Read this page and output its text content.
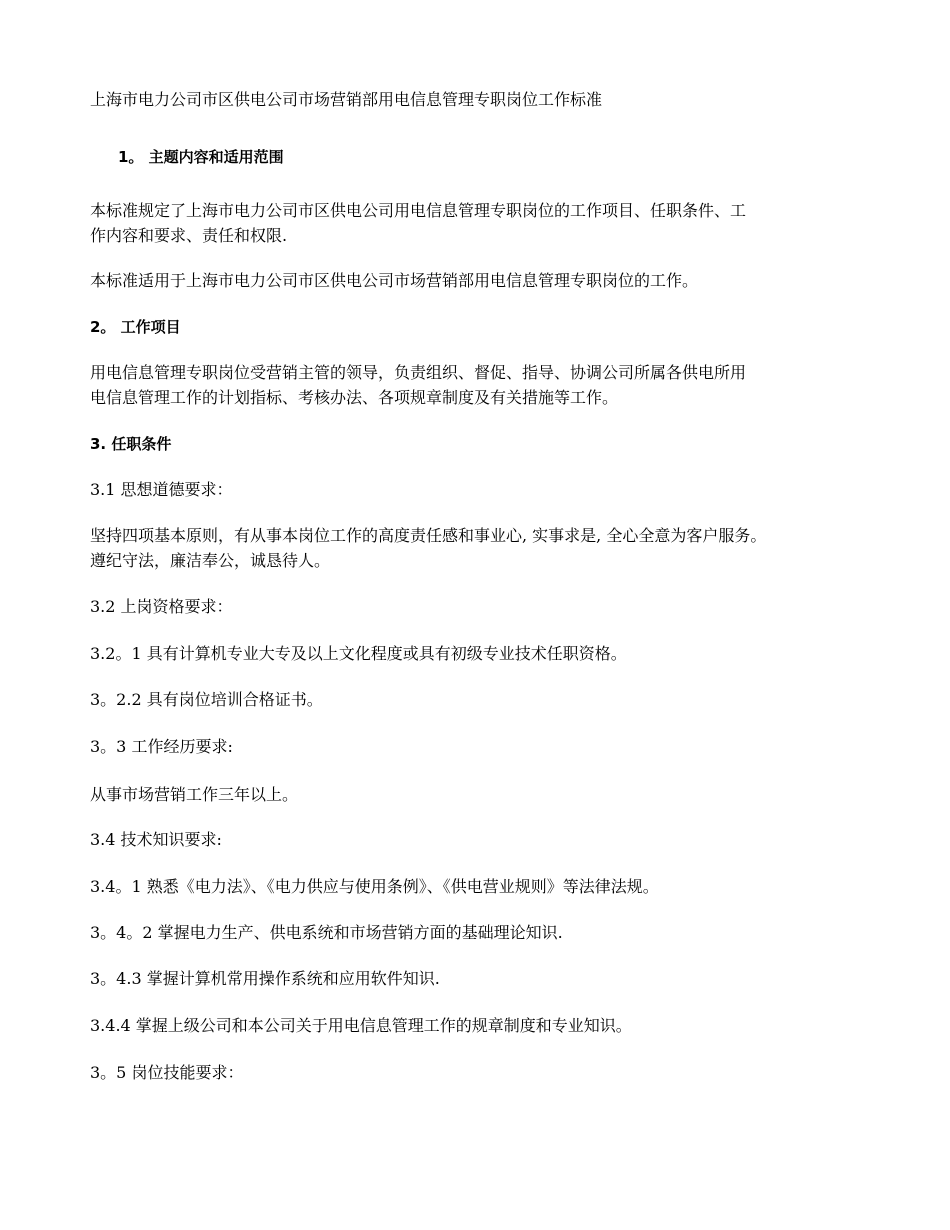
上海市电力公司市区供电公司市场营销部用电信息管理专职岗位工作标准
1。 主题内容和适用范围
本标准规定了上海市电力公司市区供电公司用电信息管理专职岗位的工作项目、任职条件、工
作内容和要求、责任和权限.
本标准适用于上海市电力公司市区供电公司市场营销部用电信息管理专职岗位的工作。
2。 工作项目
用电信息管理专职岗位受营销主管的领导，负责组织、督促、指导、协调公司所属各供电所用
电信息管理工作的计划指标、考核办法、各项规章制度及有关措施等工作。
3. 任职条件
3.1 思想道德要求：
坚持四项基本原则，有从事本岗位工作的高度责任感和事业心, 实事求是, 全心全意为客户服务。
遵纪守法，廉洁奉公，诚恳待人。
3.2 上岗资格要求：
3.2。1 具有计算机专业大专及以上文化程度或具有初级专业技术任职资格。
3。2.2 具有岗位培训合格证书。
3。3 工作经历要求:
从事市场营销工作三年以上。
3.4 技术知识要求:
3.4。1 熟悉《电力法》、《电力供应与使用条例》、《供电营业规则》等法律法规。
3。4。2 掌握电力生产、供电系统和市场营销方面的基础理论知识.
3。4.3 掌握计算机常用操作系统和应用软件知识.
3.4.4 掌握上级公司和本公司关于用电信息管理工作的规章制度和专业知识。
3。5 岗位技能要求：
